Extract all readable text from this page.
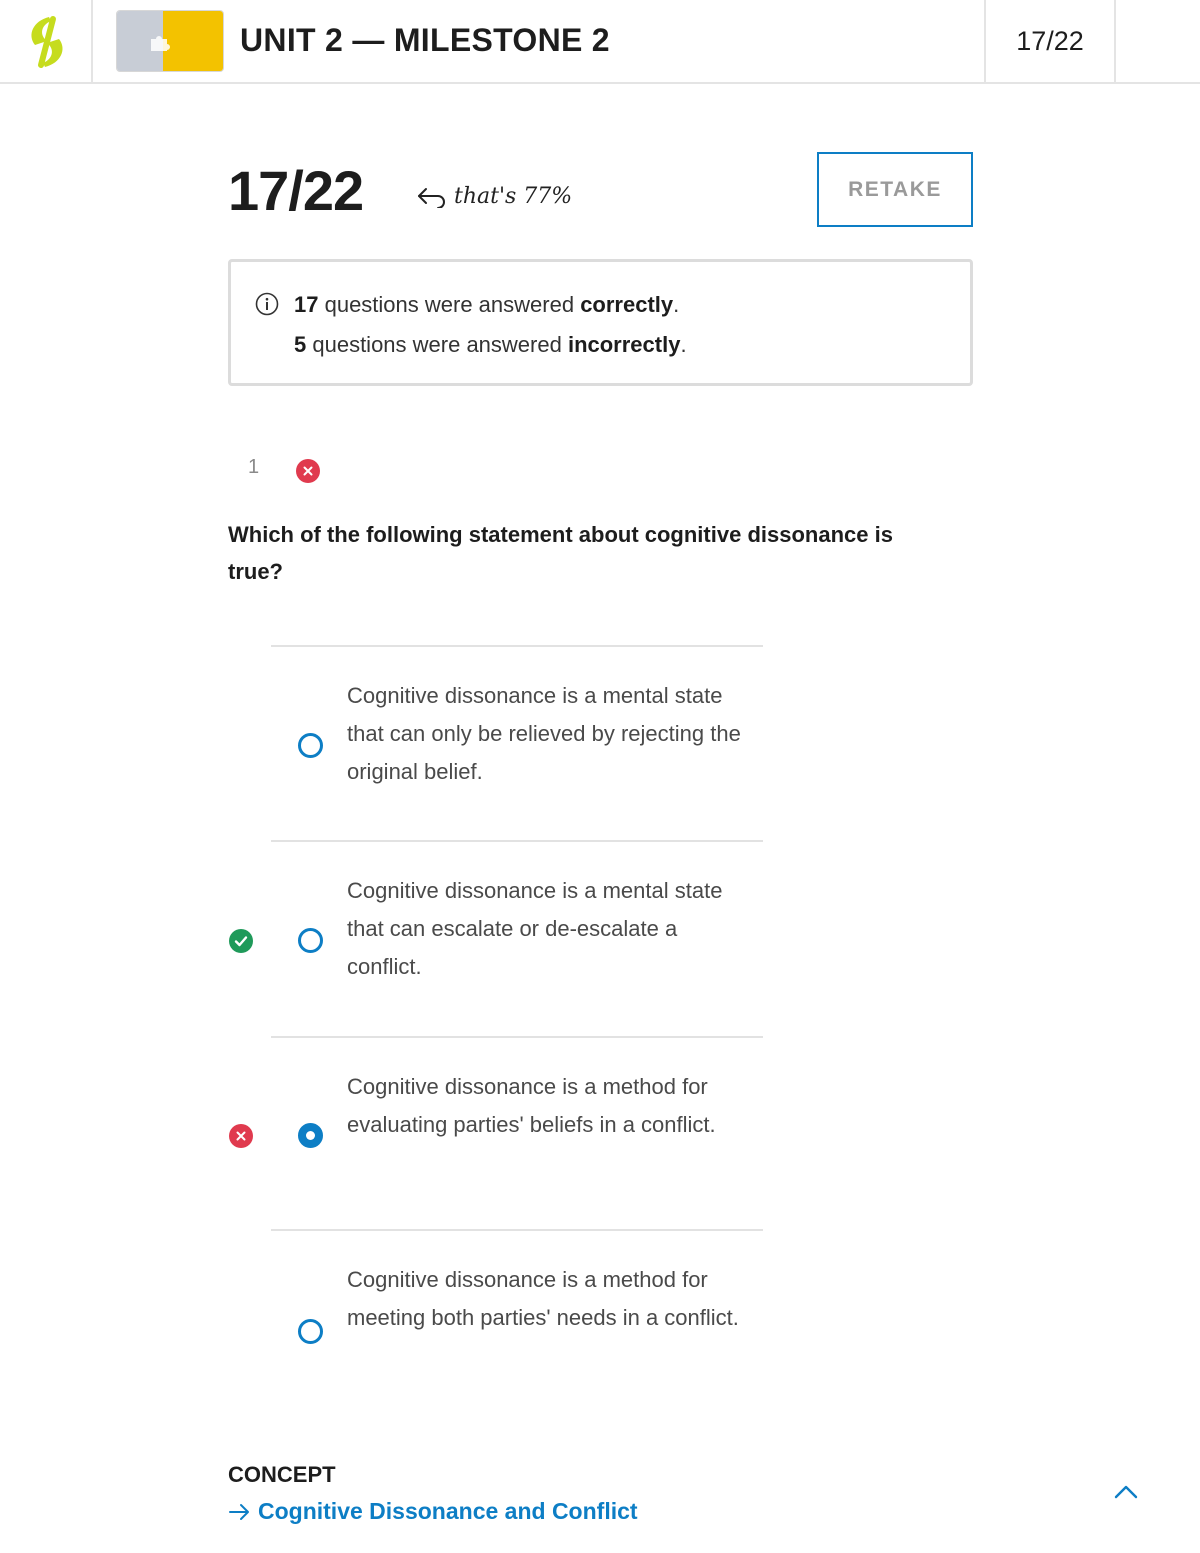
UNIT 2 — MILESTONE 2	17/22
17/22	that's 77%	RETAKE
17 questions were answered correctly.
5 questions were answered incorrectly.
1
Which of the following statement about cognitive dissonance is true?
Cognitive dissonance is a mental state that can only be relieved by rejecting the original belief.
Cognitive dissonance is a mental state that can escalate or de-escalate a conflict.
Cognitive dissonance is a method for evaluating parties' beliefs in a conflict.
Cognitive dissonance is a method for meeting both parties' needs in a conflict.
CONCEPT
Cognitive Dissonance and Conflict
